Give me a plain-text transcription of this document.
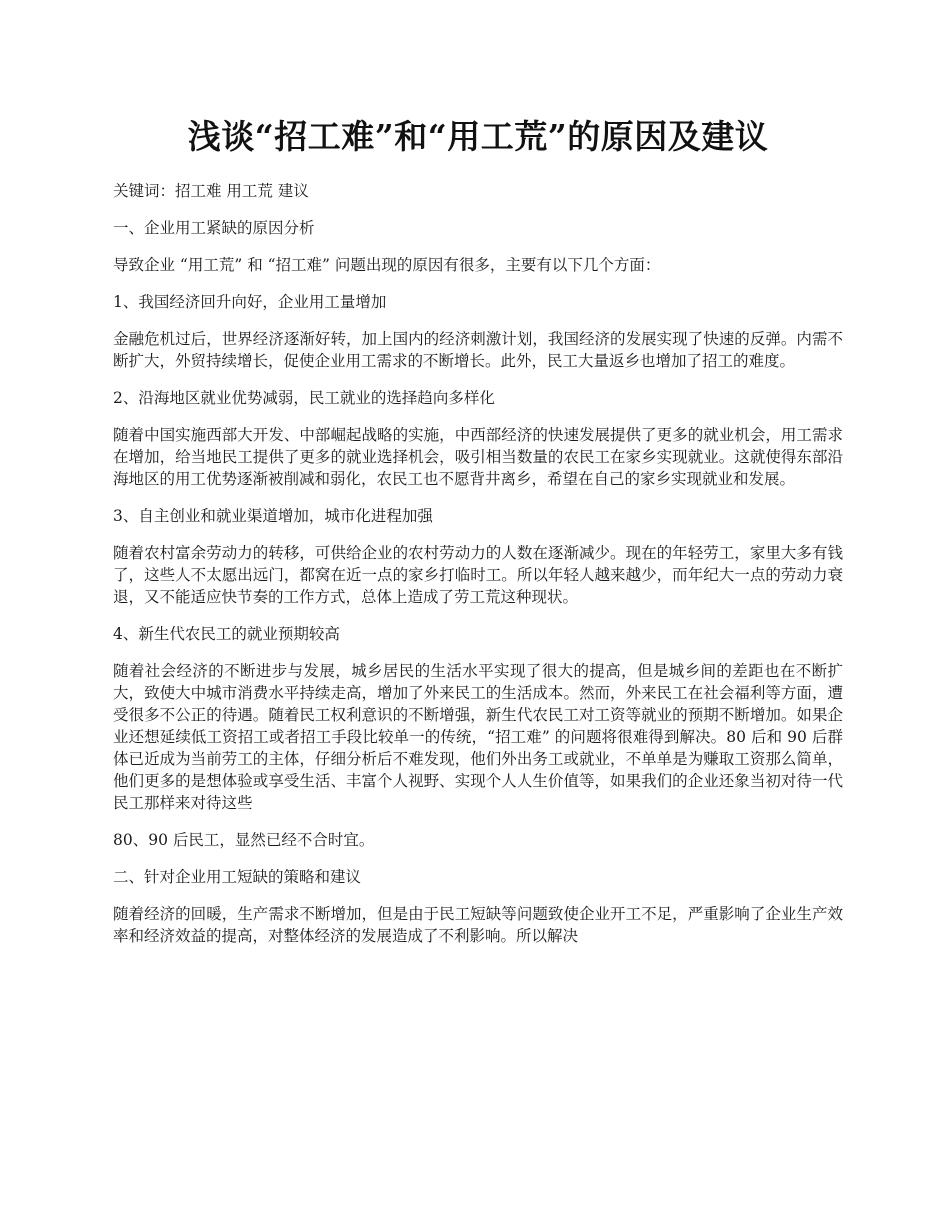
浅谈“招工难”和“用工荒”的原因及建议

关键词：招工难 用工荒 建议

一、企业用工紧缺的原因分析

导致企业 “用工荒” 和 “招工难” 问题出现的原因有很多，主要有以下几个方面：

1、我国经济回升向好，企业用工量增加

金融危机过后，世界经济逐渐好转，加上国内的经济刺激计划，我国经济的发展实现了快速的反弹。内需不断扩大，外贸持续增长，促使企业用工需求的不断增长。此外，民工大量返乡也增加了招工的难度。

2、沿海地区就业优势减弱，民工就业的选择趋向多样化

随着中国实施西部大开发、中部崛起战略的实施，中西部经济的快速发展提供了更多的就业机会，用工需求在增加，给当地民工提供了更多的就业选择机会，吸引相当数量的农民工在家乡实现就业。这就使得东部沿海地区的用工优势逐渐被削减和弱化，农民工也不愿背井离乡，希望在自己的家乡实现就业和发展。

3、自主创业和就业渠道增加，城市化进程加强

随着农村富余劳动力的转移，可供给企业的农村劳动力的人数在逐渐减少。现在的年轻劳工，家里大多有钱了，这些人不太愿出远门，都窝在近一点的家乡打临时工。所以年轻人越来越少，而年纪大一点的劳动力衰退，又不能适应快节奏的工作方式，总体上造成了劳工荒这种现状。

4、新生代农民工的就业预期较高

随着社会经济的不断进步与发展，城乡居民的生活水平实现了很大的提高，但是城乡间的差距也在不断扩大，致使大中城市消费水平持续走高，增加了外来民工的生活成本。然而，外来民工在社会福利等方面，遭受很多不公正的待遇。随着民工权利意识的不断增强，新生代农民工对工资等就业的预期不断增加。如果企业还想延续低工资招工或者招工手段比较单一的传统，“招工难” 的问题将很难得到解决。80 后和 90 后群体已近成为当前劳工的主体，仔细分析后不难发现，他们外出务工或就业，不单单是为赚取工资那么简单，他们更多的是想体验或享受生活、丰富个人视野、实现个人人生价值等，如果我们的企业还象当初对待一代民工那样来对待这些

80、90 后民工，显然已经不合时宜。

二、针对企业用工短缺的策略和建议

随着经济的回暖，生产需求不断增加，但是由于民工短缺等问题致使企业开工不足，严重影响了企业生产效率和经济效益的提高，对整体经济的发展造成了不利影响。所以解决
